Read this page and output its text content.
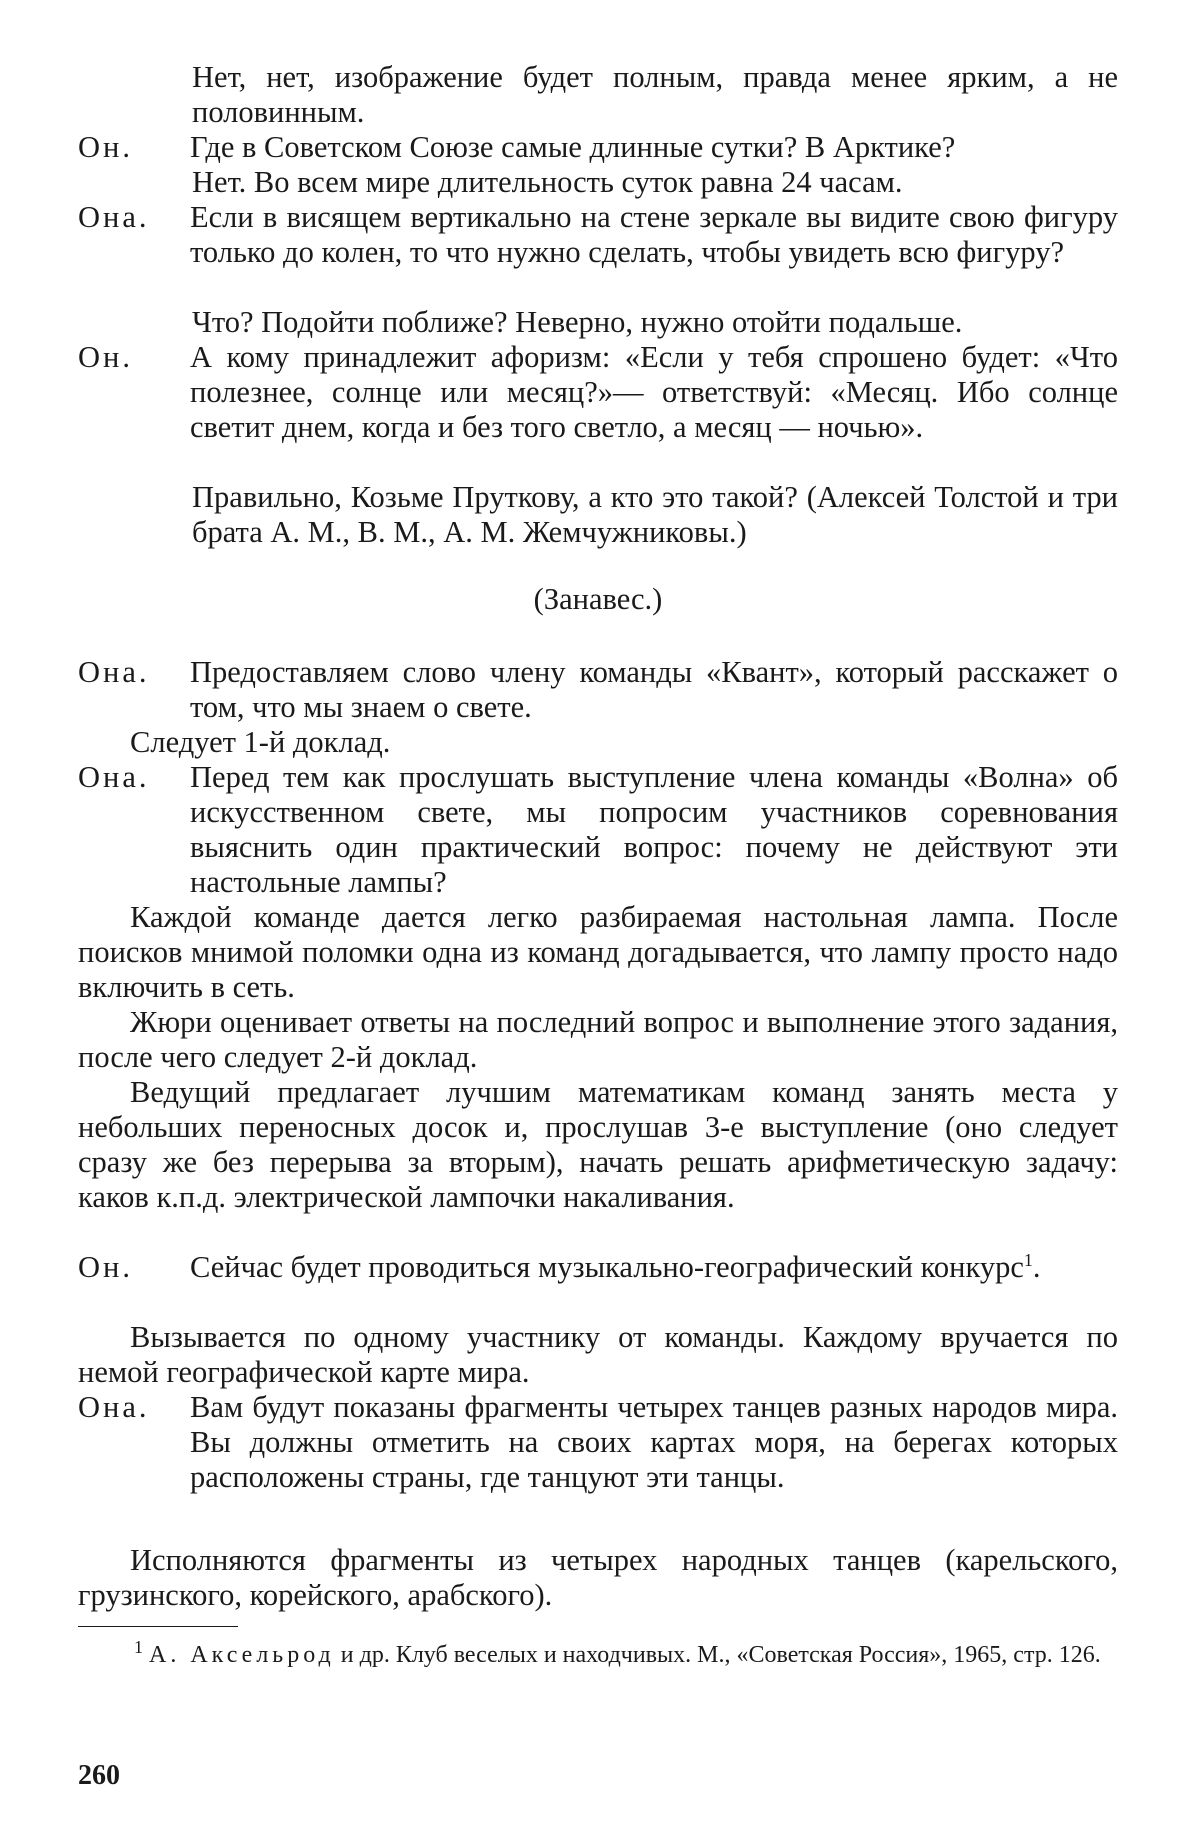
Нет, нет, изображение будет полным, правда менее ярким, а не половинным.

Он. Где в Советском Союзе самые длинные сутки? В Арктике?

Нет. Во всем мире длительность суток равна 24 часам.

Она. Если в висящем вертикально на стене зеркале вы видите свою фигуру только до колен, то что нужно сделать, чтобы увидеть всю фигуру?

Что? Подойти поближе? Неверно, нужно отойти подальше.

Он. А кому принадлежит афоризм: «Если у тебя спрошено будет: «Что полезнее, солнце или месяц?»— ответствуй: «Месяц. Ибо солнце светит днем, когда и без того светло, а месяц — ночью».

Правильно, Козьме Пруткову, а кто это такой? (Алексей Толстой и три брата А. М., В. М., А. М. Жемчужниковы.)

(Занавес.)

Она. Предоставляем слово члену команды «Квант», который расскажет о том, что мы знаем о свете.

Следует 1-й доклад.

Она. Перед тем как прослушать выступление члена команды «Волна» об искусственном свете, мы попросим участников соревнования выяснить один практический вопрос: почему не действуют эти настольные лампы?

Каждой команде дается легко разбираемая настольная лампа. После поисков мнимой поломки одна из команд догадывается, что лампу просто надо включить в сеть.

Жюри оценивает ответы на последний вопрос и выполнение этого задания, после чего следует 2-й доклад.

Ведущий предлагает лучшим математикам команд занять места у небольших переносных досок и, прослушав 3-е выступление (оно следует сразу же без перерыва за вторым), начать решать арифметическую задачу: каков к.п.д. электрической лампочки накаливания.

Он. Сейчас будет проводиться музыкально-географический конкурс$^1$.

Вызывается по одному участнику от команды. Каждому вручается по немой географической карте мира.

Она. Вам будут показаны фрагменты четырех танцев разных народов мира. Вы должны отметить на своих картах моря, на берегах которых расположены страны, где танцуют эти танцы.

Исполняются фрагменты из четырех народных танцев (карельского, грузинского, корейского, арабского).

$^1$ А. Аксельрод и др. Клуб веселых и находчивых. М., «Советская Россия», 1965, стр. 126.

260
